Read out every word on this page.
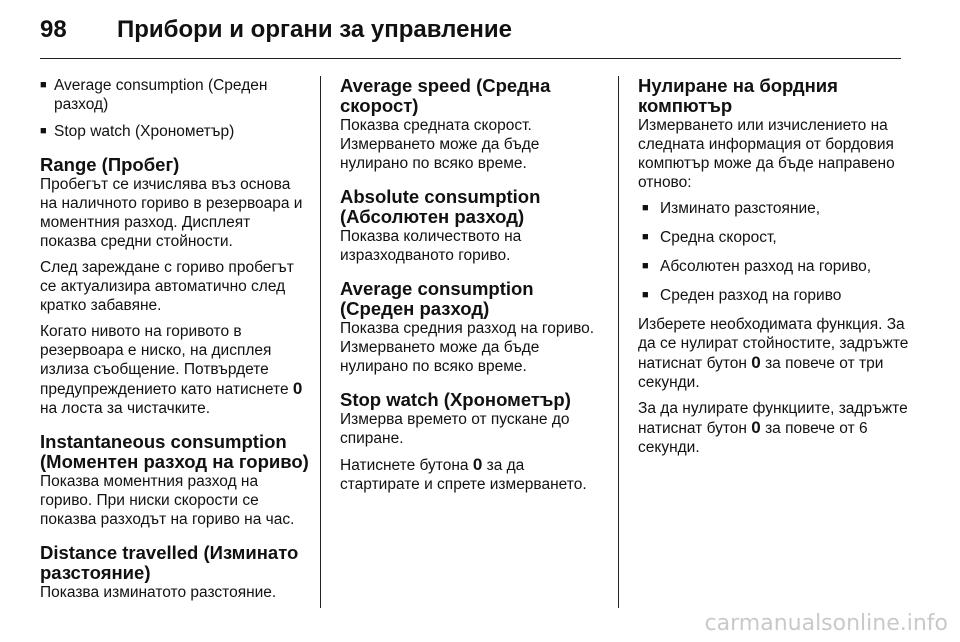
98 Прибори и органи за управление
■ Average consumption (Среден разход)
■ Stop watch (Хронометър)
Range (Пробег)

Пробегът се изчислява въз основа на наличното гориво в резервоара и моментния разход. Дисплеят показва средни стойности.

След зареждане с гориво пробегът се актуализира автоматично след кратко забавяне.

Когато нивото на горивото в резервоара е ниско, на дисплея излиза съобщение. Потвърдете предупреждението като натиснете 0 на лоста за чистачките.

Instantaneous consumption (Моментен разход на гориво)

Показва моментния разход на гориво. При ниски скорости се показва разходът на гориво на час.

Distance travelled (Изминато разстояние)

Показва изминатото разстояние.

Average speed (Средна скорост)

Показва средната скорост. Измерването може да бъде нулирано по всяко време.

Absolute consumption (Абсолютен разход)

Показва количеството на изразходваното гориво.

Average consumption (Среден разход)

Показва средния разход на гориво. Измерването може да бъде нулирано по всяко време.

Stop watch (Хронометър)

Измерва времето от пускане до спиране.

Натиснете бутона 0 за да стартирате и спрете измерването.

Нулиране на бордния компютър

Измерването или изчислението на следната информация от бордовия компютър може да бъде направено отново:

■ Изминато разстояние,
■ Средна скорост,
■ Абсолютен разход на гориво,
■ Среден разход на гориво

Изберете необходимата функция. За да се нулират стойностите, задръжте натиснат бутон 0 за повече от три секунди.

За да нулирате функциите, задръжте натиснат бутон 0 за повече от 6 секунди.

carmanualsonline.info
